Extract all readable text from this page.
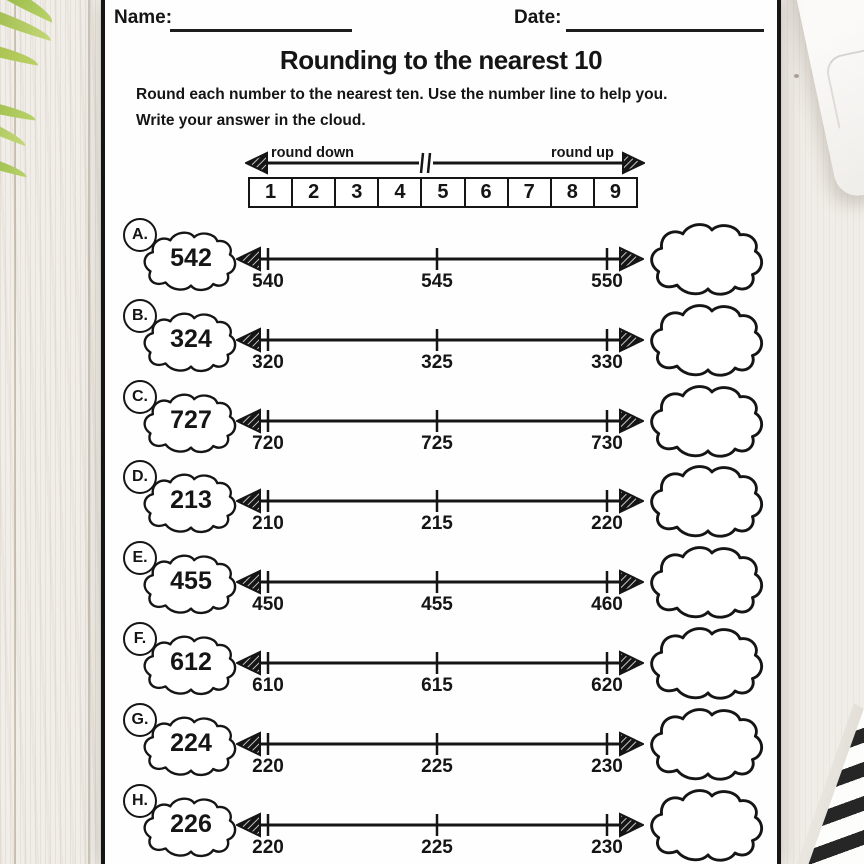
Name:	Date:
Rounding to the nearest 10
Round each number to the nearest ten. Use the number line to help you.
Write your answer in the cloud.
round down	round up
1	2	3	4	5	6	7	8	9
A.
542
540	545	550
B.
324
320	325	330
C.
727
720	725	730
D.
213
210	215	220
E.
455
450	455	460
F.
612
610	615	620
G.
224
220	225	230
H.
226
220	225	230
